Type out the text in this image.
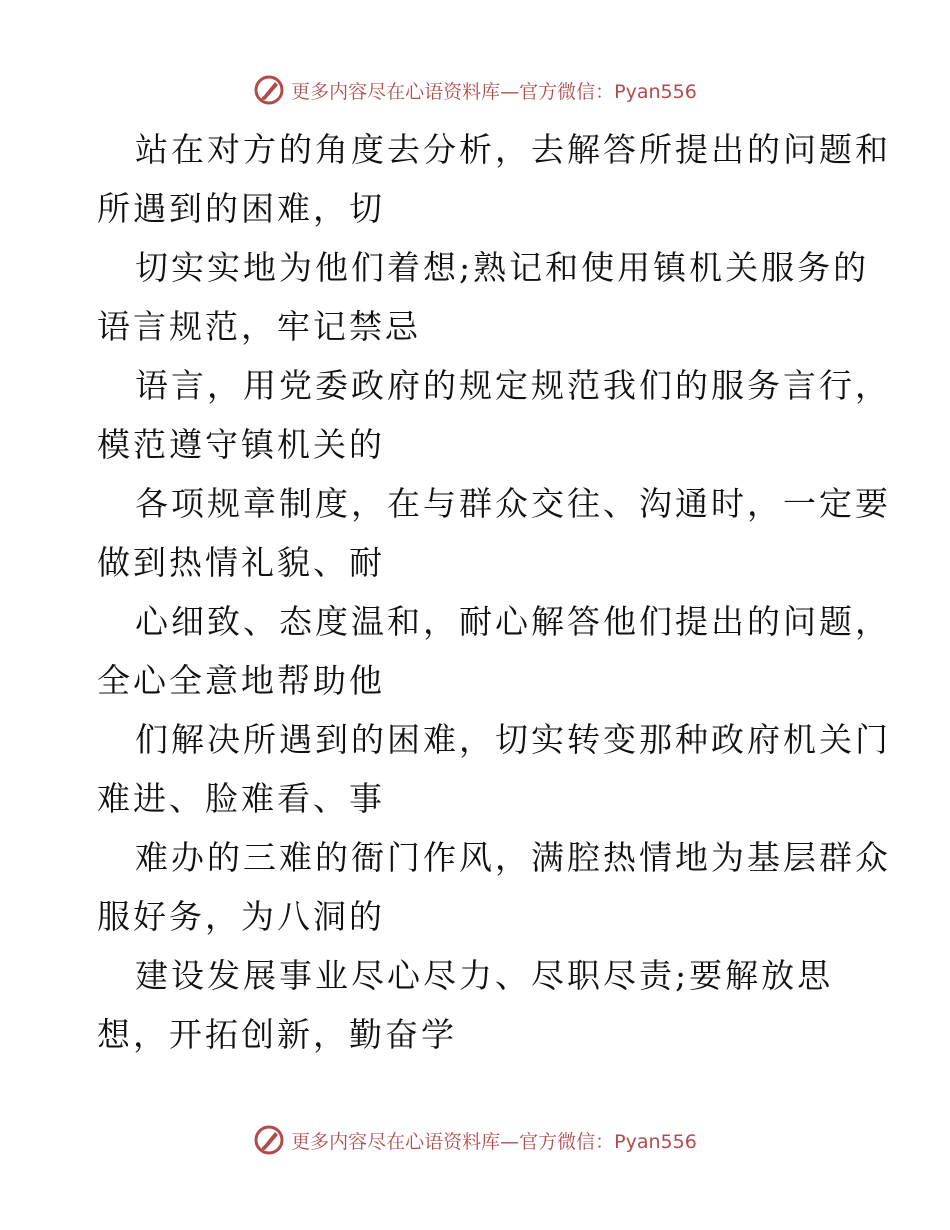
更多内容尽在心语资料库—官方微信：Pyan556
站在对方的角度去分析，去解答所提出的问题和
所遇到的困难，切
切实实地为他们着想;熟记和使用镇机关服务的
语言规范，牢记禁忌
语言，用党委政府的规定规范我们的服务言行，
模范遵守镇机关的
各项规章制度，在与群众交往、沟通时，一定要
做到热情礼貌、耐
心细致、态度温和，耐心解答他们提出的问题，
全心全意地帮助他
们解决所遇到的困难，切实转变那种政府机关门
难进、脸难看、事
难办的三难的衙门作风，满腔热情地为基层群众
服好务，为八洞的
建设发展事业尽心尽力、尽职尽责;要解放思
想，开拓创新，勤奋学
更多内容尽在心语资料库—官方微信：Pyan556
